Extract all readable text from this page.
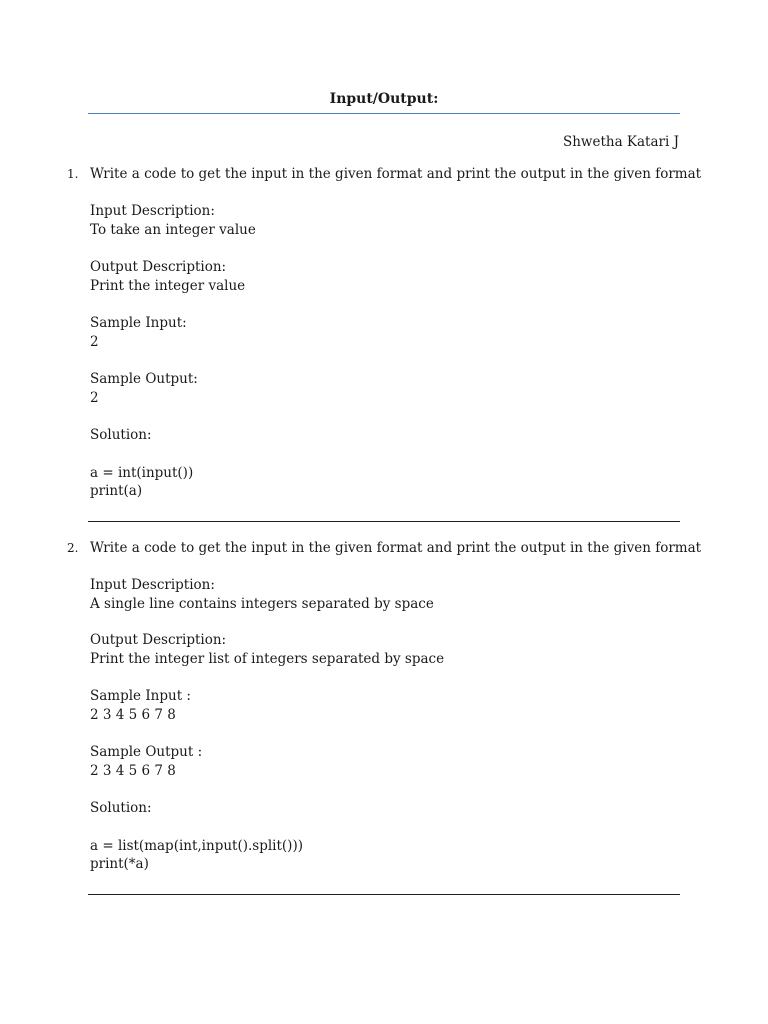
Input/Output:
Shwetha Katari J
1. Write a code to get the input in the given format and print the output in the given format
Input Description:
To take an integer value
Output Description:
Print the integer value
Sample Input:
2
Sample Output:
2
Solution:
a = int(input())
print(a)
2. Write a code to get the input in the given format and print the output in the given format
Input Description:
A single line contains integers separated by space
Output Description:
Print the integer list of integers separated by space
Sample Input :
2 3 4 5 6 7 8
Sample Output :
2 3 4 5 6 7 8
Solution:
a = list(map(int,input().split()))
print(*a)
